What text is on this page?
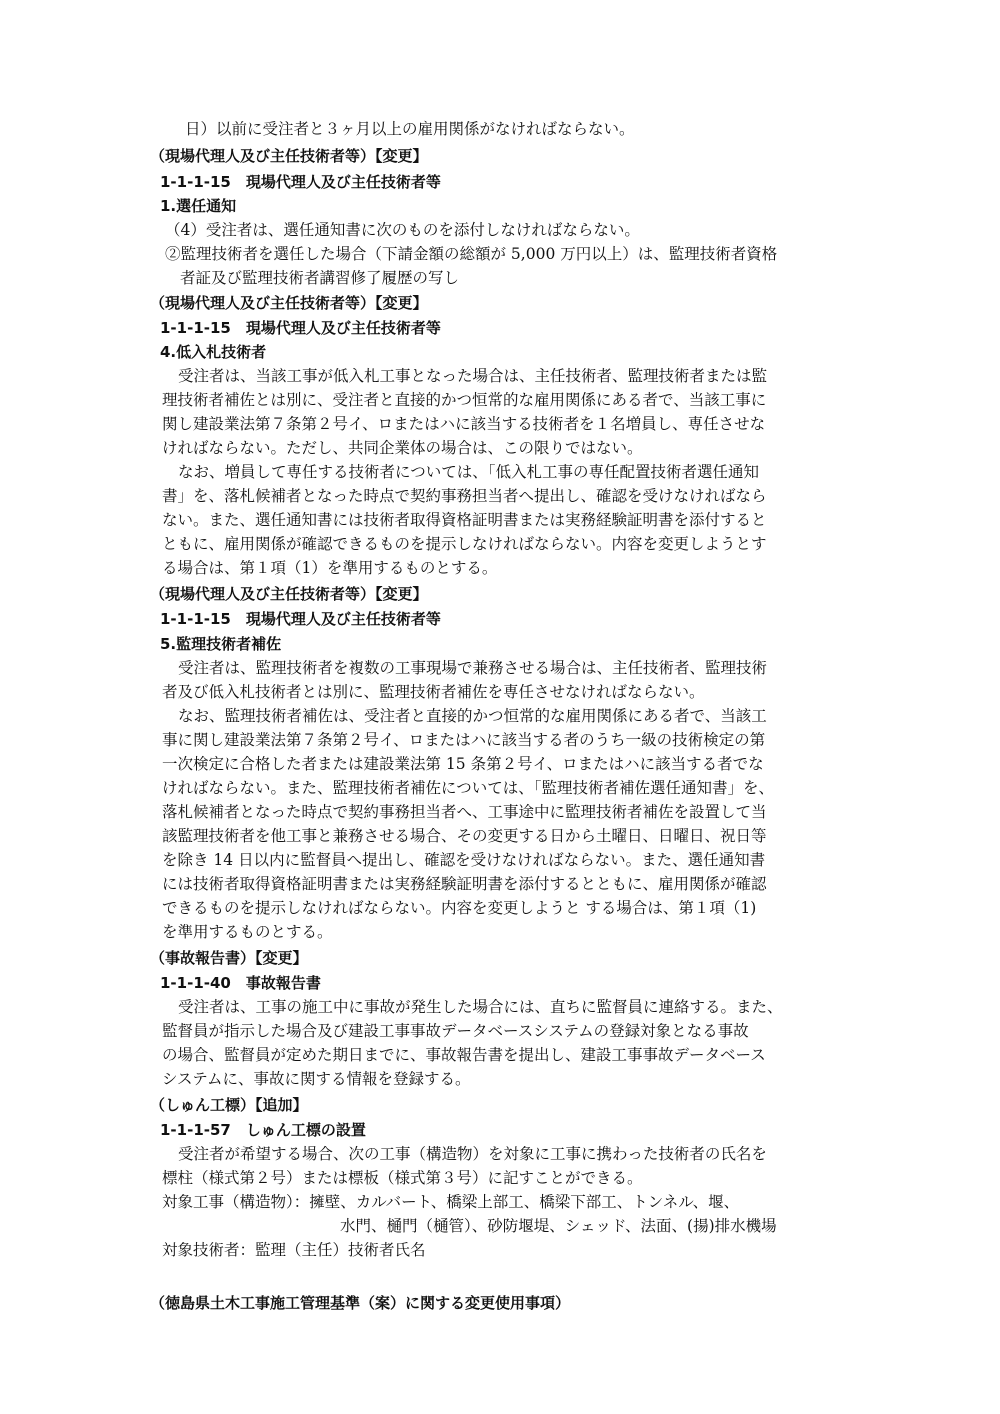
日）以前に受注者と３ヶ月以上の雇用関係がなければならない。
（現場代理人及び主任技術者等）【変更】
1-1-1-15　現場代理人及び主任技術者等
1.選任通知
（4）受注者は、選任通知書に次のものを添付しなければならない。
②監理技術者を選任した場合（下請金額の総額が 5,000 万円以上）は、監理技術者資格
者証及び監理技術者講習修了履歴の写し
（現場代理人及び主任技術者等）【変更】
1-1-1-15　現場代理人及び主任技術者等
4.低入札技術者
受注者は、当該工事が低入札工事となった場合は、主任技術者、監理技術者または監
理技術者補佐とは別に、受注者と直接的かつ恒常的な雇用関係にある者で、当該工事に
関し建設業法第７条第２号イ、ロまたはハに該当する技術者を１名増員し、専任させな
ければならない。ただし、共同企業体の場合は、この限りではない。
なお、増員して専任する技術者については、「低入札工事の専任配置技術者選任通知
書」を、落札候補者となった時点で契約事務担当者へ提出し、確認を受けなければなら
ない。また、選任通知書には技術者取得資格証明書または実務経験証明書を添付すると
ともに、雇用関係が確認できるものを提示しなければならない。内容を変更しようとす
る場合は、第１項（1）を準用するものとする。
（現場代理人及び主任技術者等）【変更】
1-1-1-15　現場代理人及び主任技術者等
5.監理技術者補佐
受注者は、監理技術者を複数の工事現場で兼務させる場合は、主任技術者、監理技術
者及び低入札技術者とは別に、監理技術者補佐を専任させなければならない。
なお、監理技術者補佐は、受注者と直接的かつ恒常的な雇用関係にある者で、当該工
事に関し建設業法第７条第２号イ、ロまたはハに該当する者のうち一級の技術検定の第
一次検定に合格した者または建設業法第 15 条第２号イ、ロまたはハに該当する者でな
ければならない。また、監理技術者補佐については、「監理技術者補佐選任通知書」を、
落札候補者となった時点で契約事務担当者へ、工事途中に監理技術者補佐を設置して当
該監理技術者を他工事と兼務させる場合、その変更する日から土曜日、日曜日、祝日等
を除き 14 日以内に監督員へ提出し、確認を受けなければならない。また、選任通知書
には技術者取得資格証明書または実務経験証明書を添付するとともに、雇用関係が確認
できるものを提示しなければならない。内容を変更しようと する場合は、第１項（1)
を準用するものとする。
（事故報告書）【変更】
1-1-1-40　事故報告書
受注者は、工事の施工中に事故が発生した場合には、直ちに監督員に連絡する。また、
監督員が指示した場合及び建設工事事故データベースシステムの登録対象となる事故
の場合、監督員が定めた期日までに、事故報告書を提出し、建設工事事故データベース
システムに、事故に関する情報を登録する。
（しゅん工標）【追加】
1-1-1-57　しゅん工標の設置
受注者が希望する場合、次の工事（構造物）を対象に工事に携わった技術者の氏名を
標柱（様式第２号）または標板（様式第３号）に記すことができる。
対象工事（構造物）：擁壁、カルバート、橋梁上部工、橋梁下部工、トンネル、堰、
水門、樋門（樋管）、砂防堰堤、シェッド、法面、(揚)排水機場
対象技術者：監理（主任）技術者氏名
（徳島県土木工事施工管理基準（案）に関する変更使用事項）
